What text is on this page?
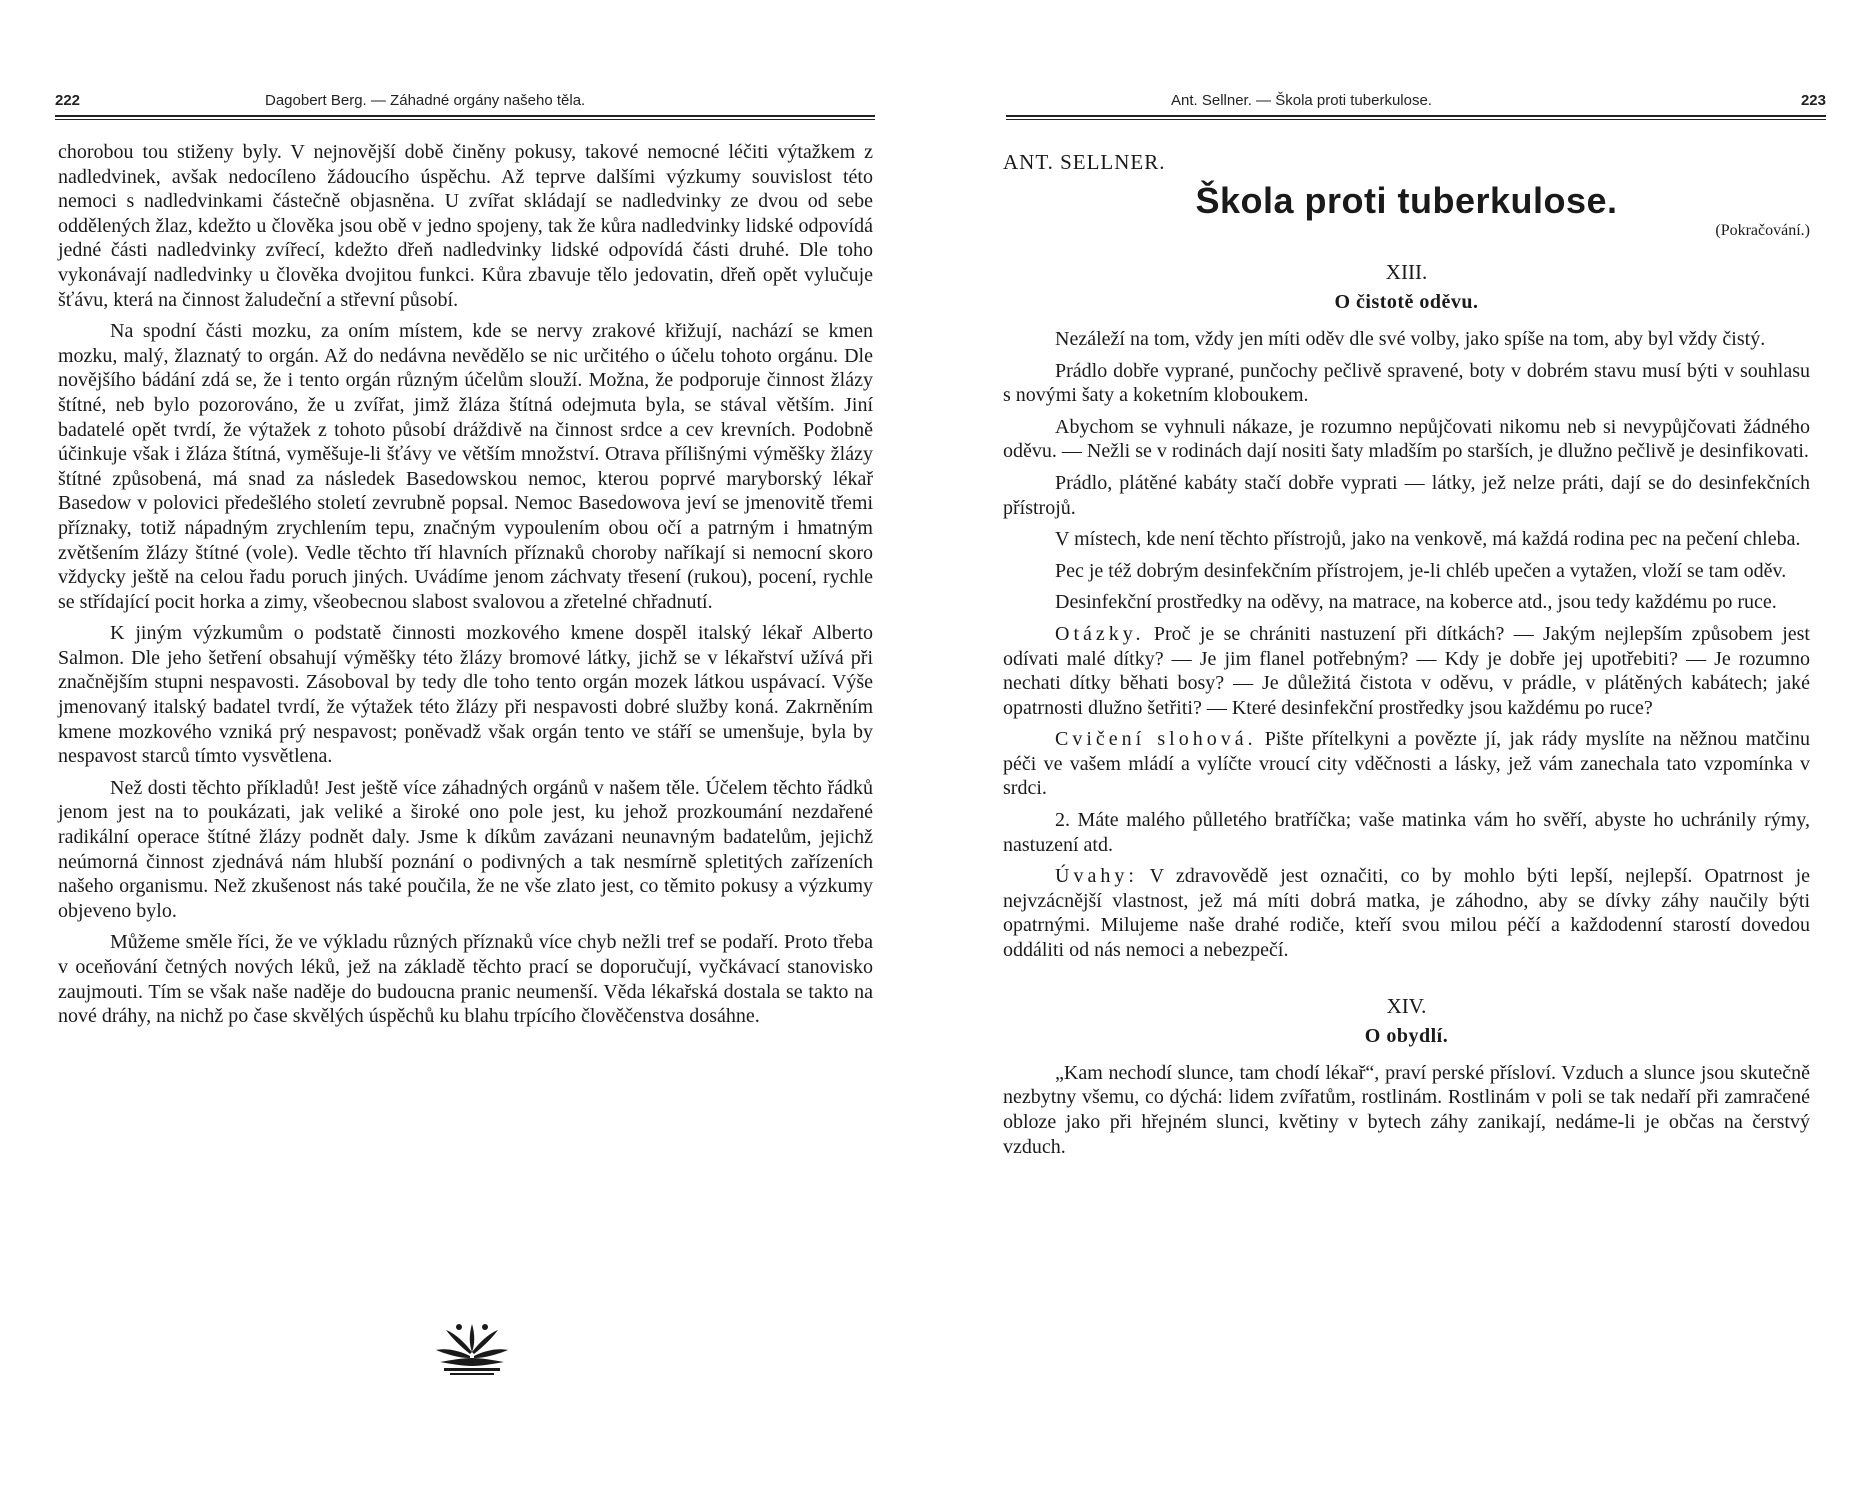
222	Dagobert Berg. — Záhadné orgány našeho těla.

chorobou tou stiženy byly. V nejnovější době činěny pokusy, takové nemocné léčiti výtažkem z nadledvinek, avšak nedocíleno žádoucího úspěchu. Až teprve dalšími výzkumy souvislost této nemoci s nadledvinkami částečně objasněna. U zvířat skládají se nadledvinky ze dvou od sebe oddělených žlaz, kdežto u člověka jsou obě v jedno spojeny, tak že kůra nadledvinky lidské odpovídá jedné části nadledvinky zvířecí, kdežto dřeň nadledvinky lidské odpovídá části druhé. Dle toho vykonávají nadledvinky u člověka dvojitou funkci. Kůra zbavuje tělo jedovatin, dřeň opět vylučuje šťávu, která na činnost žaludeční a střevní působí.

Na spodní části mozku, za oním místem, kde se nervy zrakové křižují, nachází se kmen mozku, malý, žlaznatý to orgán. Až do nedávna nevědělo se nic určitého o účelu tohoto orgánu. Dle novějšího bádání zdá se, že i tento orgán různým účelům slouží. Možna, že podporuje činnost žlázy štítné, neb bylo pozorováno, že u zvířat, jimž žláza štítná odejmuta byla, se stával větším. Jiní badatelé opět tvrdí, že výtažek z tohoto působí dráždivě na činnost srdce a cev krevních. Podobně účinkuje však i žláza štítná, vyměšuje-li šťávy ve větším množství. Otrava přílišnými výměšky žlázy štítné způsobená, má snad za následek Basedowskou nemoc, kterou poprvé maryborský lékař Basedow v polovici předešlého století zevrubně popsal. Nemoc Basedowova jeví se jmenovitě třemi příznaky, totiž nápadným zrychlením tepu, značným vypoulením obou očí a patrným i hmatným zvětšením žlázy štítné (vole). Vedle těchto tří hlavních příznaků choroby naříkají si nemocní skoro vždycky ještě na celou řadu poruch jiných. Uvádíme jenom záchvaty třesení (rukou), pocení, rychle se střídající pocit horka a zimy, všeobecnou slabost svalovou a zřetelné chřadnutí.

K jiným výzkumům o podstatě činnosti mozkového kmene dospěl italský lékař Alberto Salmon. Dle jeho šetření obsahují výměšky této žlázy bromové látky, jichž se v lékařství užívá při značnějším stupni nespavosti. Zásoboval by tedy dle toho tento orgán mozek látkou uspávací. Výše jmenovaný italský badatel tvrdí, že výtažek této žlázy při nespavosti dobré služby koná. Zakrněním kmene mozkového vzniká prý nespavost; poněvadž však orgán tento ve stáří se umenšuje, byla by nespavost starců tímto vysvětlena.

Než dosti těchto příkladů! Jest ještě více záhadných orgánů v našem těle. Účelem těchto řádků jenom jest na to poukázati, jak veliké a široké ono pole jest, ku jehož prozkoumání nezdařené radikální operace štítné žlázy podnět daly. Jsme k díkům zavázani neunavným badatelům, jejichž neúmorná činnost zjednává nám hlubší poznání o podivných a tak nesmírně spletitých zařízeních našeho organismu. Než zkušenost nás také poučila, že ne vše zlato jest, co těmito pokusy a výzkumy objeveno bylo.

Můžeme směle říci, že ve výkladu různých příznaků více chyb nežli tref se podaří. Proto třeba v oceňování četných nových léků, jež na základě těchto prací se doporučují, vyčkávací stanovisko zaujmouti. Tím se však naše naděje do budoucna pranic neumenší. Věda lékařská dostala se takto na nové dráhy, na nichž po čase skvělých úspěchů ku blahu trpícího člověčenstva dosáhne.

Ant. Sellner. — Škola proti tuberkulose.	223
ANT. SELLNER.
Škola proti tuberkulose.
(Pokračování.)
XIII.
O čistotě oděvu.

Nezáleží na tom, vždy jen míti oděv dle své volby, jako spíše na tom, aby byl vždy čistý.

Prádlo dobře vyprané, punčochy pečlivě spravené, boty v dobrém stavu musí býti v souhlasu s novými šaty a koketním kloboukem.

Abychom se vyhnuli nákaze, je rozumno nepůjčovati nikomu neb si nevypůjčovati žádného oděvu. — Nežli se v rodinách dají nositi šaty mladším po starších, je dlužno pečlivě je desinfikovati.

Prádlo, plátěné kabáty stačí dobře vyprati — látky, jež nelze práti, dají se do desinfekčních přístrojů.

V místech, kde není těchto přístrojů, jako na venkově, má každá rodina pec na pečení chleba.

Pec je též dobrým desinfekčním přístrojem, je-li chléb upečen a vytažen, vloží se tam oděv.

Desinfekční prostředky na oděvy, na matrace, na koberce atd., jsou tedy každému po ruce.

Otázky. Proč je se chrániti nastuzení při dítkách? — Jakým nejlepším způsobem jest odívati malé dítky? — Je jim flanel potřebným? — Kdy je dobře jej upotřebiti? — Je rozumno nechati dítky běhati bosy? — Je důležitá čistota v oděvu, v prádle, v plátěných kabátech; jaké opatrnosti dlužno šetřiti? — Které desinfekční prostředky jsou každému po ruce?

Cvičení slohová. Pište přítelkyni a povězte jí, jak rády myslíte na něžnou matčinu péči ve vašem mládí a vylíčte vroucí city vděčnosti a lásky, jež vám zanechala tato vzpomínka v srdci.

2. Máte malého půlletého bratříčka; vaše matinka vám ho svěří, abyste ho uchránily rýmy, nastuzení atd.

Úvahy: V zdravovědě jest označiti, co by mohlo býti lepší, nejlepší. Opatrnost je nejvzácnější vlastnost, jež má míti dobrá matka, je záhodno, aby se dívky záhy naučily býti opatrnými. Milujeme naše drahé rodiče, kteří svou milou péčí a každodenní starostí dovedou oddáliti od nás nemoci a nebezpečí.

XIV.
O obydlí.

„Kam nechodí slunce, tam chodí lékař“, praví perské přísloví. Vzduch a slunce jsou skutečně nezbytny všemu, co dýchá: lidem zvířatům, rostlinám. Rostlinám v poli se tak nedaří při zamračené obloze jako při hřejném slunci, květiny v bytech záhy zanikají, nedáme-li je občas na čerstvý vzduch.
